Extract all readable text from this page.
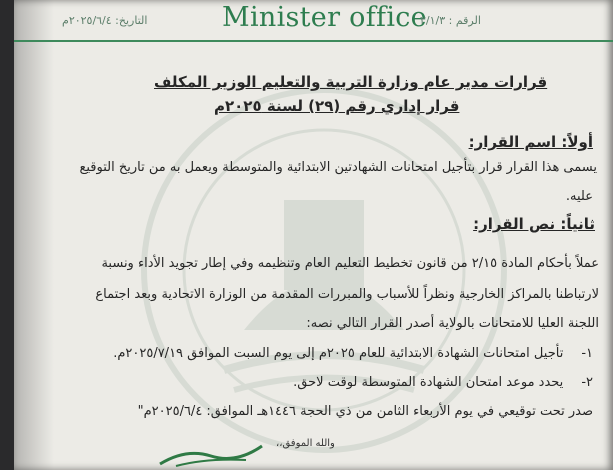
التاريخ: ٢٠٢٥/٦/٤م	Minister office
الرقم : ٢/١/٣
قرارات مدير عام وزارة التربية والتعليم الوزير المكلف
قرار إداري رقم (٢٩) لسنة ٢٠٢٥م
أولاً: اسم القرار:
يسمى هذا القرار قرار بتأجيل امتحانات الشهادتين الابتدائية والمتوسطة ويعمل به من تاريخ التوقيع
عليه.
ثانياً: نص القرار:
عملاً بأحكام المادة ٢/١٥ من قانون تخطيط التعليم العام وتنظيمه وفي إطار تجويد الأداء ونسبة
لارتباطنا بالمراكز الخارجية ونظراً للأسباب والمبررات المقدمة من الوزارة الاتحادية وبعد اجتماع
اللجنة العليا للامتحانات بالولاية أصدر القرار التالي نصه:
١-تأجيل امتحانات الشهادة الابتدائية للعام ٢٠٢٥م إلى يوم السبت الموافق ٢٠٢٥/٧/١٩م.
٢-يحدد موعد امتحان الشهادة المتوسطة لوقت لاحق.
صدر تحت توقيعي في يوم الأربعاء الثامن من ذي الحجة ١٤٤٦هـ الموافق: ٢٠٢٥/٦/٤م"
والله الموفق،،
